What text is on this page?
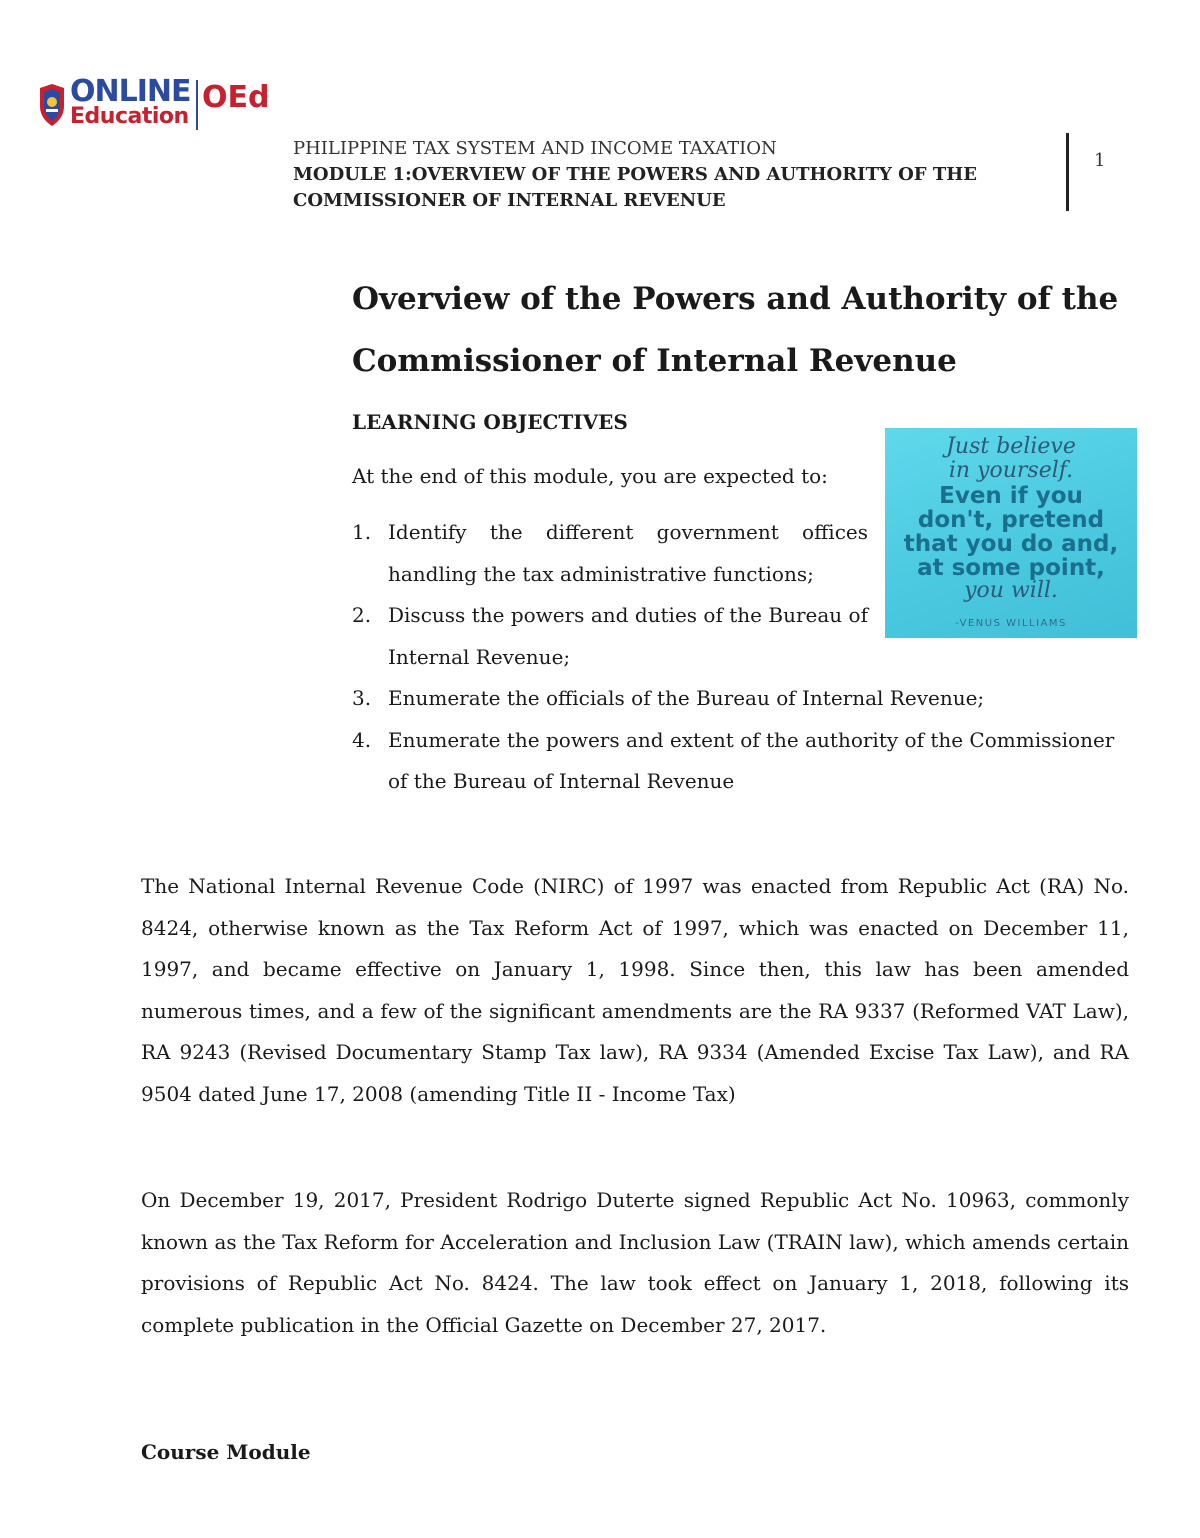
ONLINE
Education
OEd
PHILIPPINE TAX SYSTEM AND INCOME TAXATION
MODULE 1:OVERVIEW OF THE POWERS AND AUTHORITY OF THE
COMMISSIONER OF INTERNAL REVENUE
1
Overview of the Powers and Authority of the
Commissioner of Internal Revenue
LEARNING OBJECTIVES
At the end of this module, you are expected to:
1. Identify the different government offices handling the tax administrative functions;
2. Discuss the powers and duties of the Bureau of Internal Revenue;
3. Enumerate the officials of the Bureau of Internal Revenue;
4. Enumerate the powers and extent of the authority of the Commissioner of the Bureau of Internal Revenue
Just believe
in yourself.
Even if you
don't, pretend
that you do and,
at some point,
you will.
-VENUS WILLIAMS

The National Internal Revenue Code (NIRC) of 1997 was enacted from Republic Act (RA) No. 8424, otherwise known as the Tax Reform Act of 1997, which was enacted on December 11, 1997, and became effective on January 1, 1998. Since then, this law has been amended numerous times, and a few of the significant amendments are the RA 9337 (Reformed VAT Law), RA 9243 (Revised Documentary Stamp Tax law), RA 9334 (Amended Excise Tax Law), and RA 9504 dated June 17, 2008 (amending Title II - Income Tax)

On December 19, 2017, President Rodrigo Duterte signed Republic Act No. 10963, commonly known as the Tax Reform for Acceleration and Inclusion Law (TRAIN law), which amends certain provisions of Republic Act No. 8424. The law took effect on January 1, 2018, following its complete publication in the Official Gazette on December 27, 2017.

Course Module
